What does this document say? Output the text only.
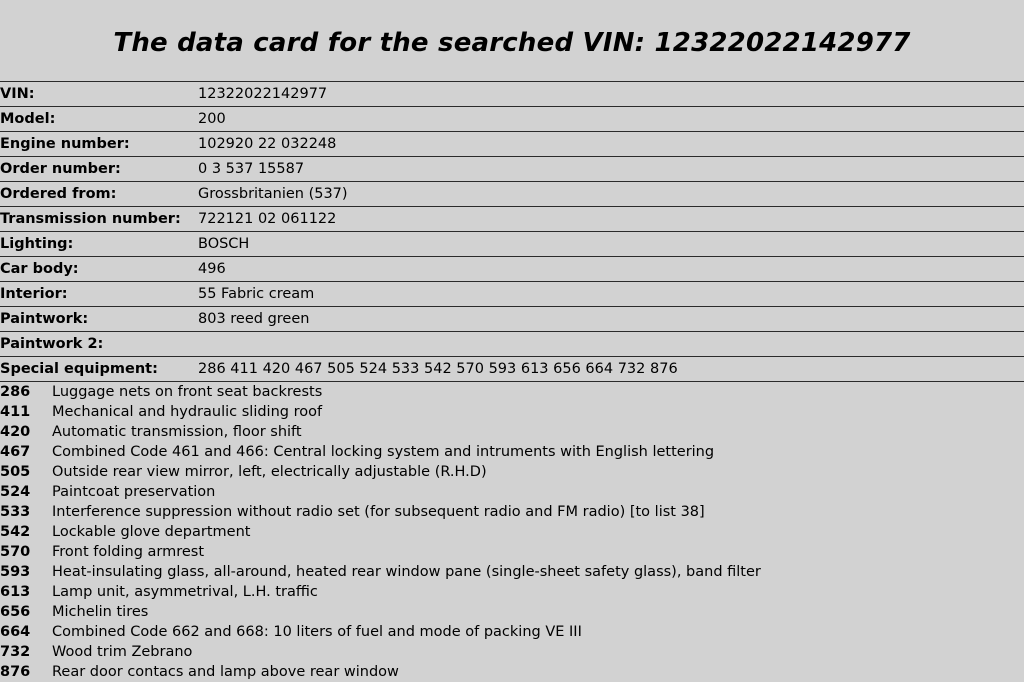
The data card for the searched VIN: 12322022142977
VIN:	12322022142977
Model:	200
Engine number:	102920 22 032248
Order number:	0 3 537 15587
Ordered from:	Grossbritanien (537)
Transmission number:	722121 02 061122
Lighting:	BOSCH
Car body:	496
Interior:	55 Fabric cream
Paintwork:	803 reed green
Paintwork 2:	
Special equipment:	286 411 420 467 505 524 533 542 570 593 613 656 664 732 876
286	Luggage nets on front seat backrests
411	Mechanical and hydraulic sliding roof
420	Automatic transmission, floor shift
467	Combined Code 461 and 466: Central locking system and intruments with English lettering
505	Outside rear view mirror, left, electrically adjustable (R.H.D)
524	Paintcoat preservation
533	Interference suppression without radio set (for subsequent radio and FM radio) [to list 38]
542	Lockable glove department
570	Front folding armrest
593	Heat-insulating glass, all-around, heated rear window pane (single-sheet safety glass), band filter
613	Lamp unit, asymmetrival, L.H. traffic
656	Michelin tires
664	Combined Code 662 and 668: 10 liters of fuel and mode of packing VE III
732	Wood trim Zebrano
876	Rear door contacs and lamp above rear window
